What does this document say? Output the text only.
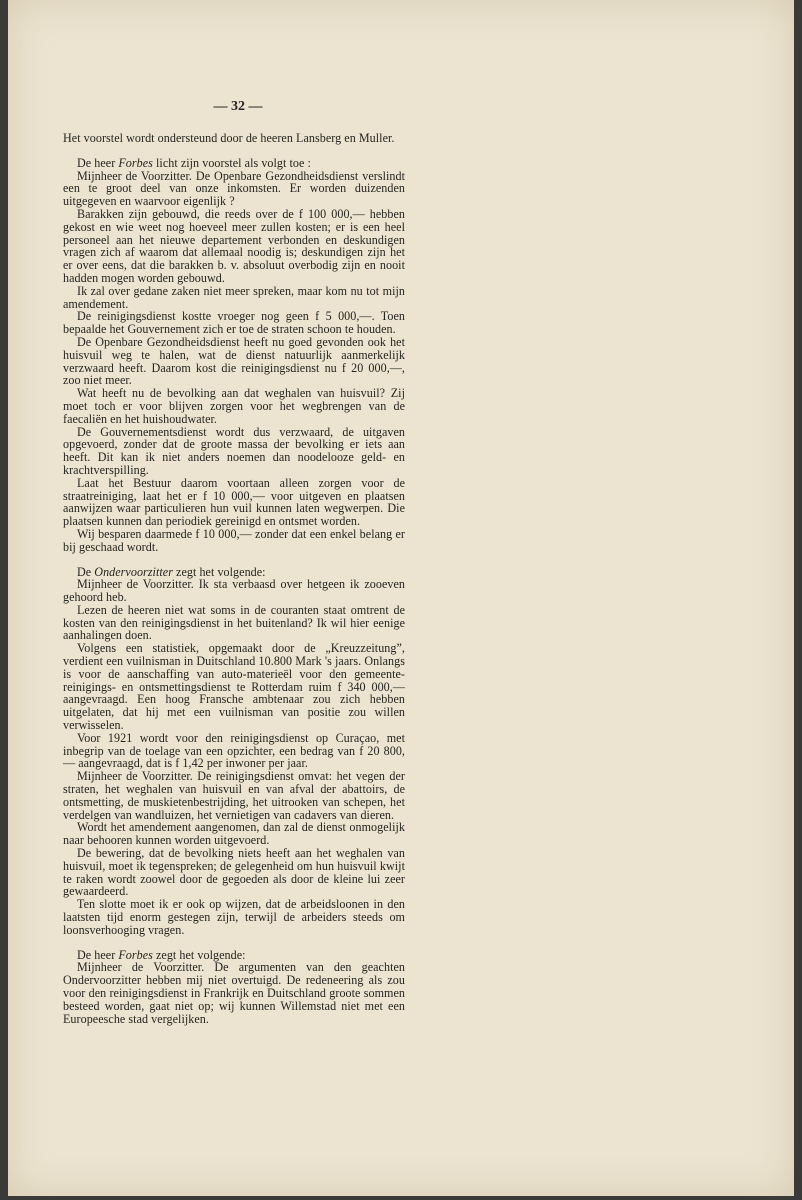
— 32 —

Het voorstel wordt ondersteund door de heeren Lansberg en Muller.

De heer Forbes licht zijn voorstel als volgt toe :

Mijnheer de Voorzitter. De Openbare Gezondheidsdienst verslindt een te groot deel van onze inkomsten. Er worden duizenden uitgegeven en waarvoor eigenlijk ?

Barakken zijn gebouwd, die reeds over de f 100 000,— hebben gekost en wie weet nog hoeveel meer zullen kosten; er is een heel personeel aan het nieuwe departement verbonden en deskundigen vragen zich af waarom dat allemaal noodig is; deskundigen zijn het er over eens, dat die barakken b. v. absoluut overbodig zijn en nooit hadden mogen worden gebouwd.

Ik zal over gedane zaken niet meer spreken, maar kom nu tot mijn amendement.

De reinigingsdienst kostte vroeger nog geen f 5 000,—. Toen bepaalde het Gouvernement zich er toe de straten schoon te houden.

De Openbare Gezondheidsdienst heeft nu goed gevonden ook het huisvuil weg te halen, wat de dienst natuurlijk aanmerkelijk verzwaard heeft. Daarom kost die reinigingsdienst nu f 20 000,—, zoo niet meer.

Wat heeft nu de bevolking aan dat weghalen van huisvuil? Zij moet toch er voor blijven zorgen voor het wegbrengen van de faecaliën en het huishoudwater.

De Gouvernementsdienst wordt dus verzwaard, de uitgaven opgevoerd, zonder dat de groote massa der bevolking er iets aan heeft. Dit kan ik niet anders noemen dan noodelooze geld- en krachtverspilling.

Laat het Bestuur daarom voortaan alleen zorgen voor de straatreiniging, laat het er f 10 000,— voor uitgeven en plaatsen aanwijzen waar particulieren hun vuil kunnen laten wegwerpen. Die plaatsen kunnen dan periodiek gereinigd en ontsmet worden.

Wij besparen daarmede f 10 000,— zonder dat een enkel belang er bij geschaad wordt.

De Ondervoorzitter zegt het volgende:

Mijnheer de Voorzitter. Ik sta verbaasd over hetgeen ik zooeven gehoord heb.

Lezen de heeren niet wat soms in de couranten staat omtrent de kosten van den reinigingsdienst in het buitenland? Ik wil hier eenige aanhalingen doen.

Volgens een statistiek, opgemaakt door de „Kreuzzeitung”, verdient een vuilnisman in Duitschland 10.800 Mark 's jaars. Onlangs is voor de aanschaffing van auto-materieël voor den gemeente-reinigings- en ontsmettingsdienst te Rotterdam ruim f 340 000,— aangevraagd. Een hoog Fransche ambtenaar zou zich hebben uitgelaten, dat hij met een vuilnisman van positie zou willen verwisselen.

Voor 1921 wordt voor den reinigingsdienst op Curaçao, met inbegrip van de toelage van een opzichter, een bedrag van f 20 800,— aangevraagd, dat is f 1,42 per inwoner per jaar.

Mijnheer de Voorzitter. De reinigingsdienst omvat: het vegen der straten, het weghalen van huisvuil en van afval der abattoirs, de ontsmetting, de muskietenbestrijding, het uitrooken van schepen, het verdelgen van wandluizen, het vernietigen van cadavers van dieren.

Wordt het amendement aangenomen, dan zal de dienst onmogelijk naar behooren kunnen worden uitgevoerd.

De bewering, dat de bevolking niets heeft aan het weghalen van huisvuil, moet ik tegenspreken; de gelegenheid om hun huisvuil kwijt te raken wordt zoowel door de gegoeden als door de kleine lui zeer gewaardeerd.

Ten slotte moet ik er ook op wijzen, dat de arbeidsloonen in den laatsten tijd enorm gestegen zijn, terwijl de arbeiders steeds om loonsverhooging vragen.

De heer Forbes zegt het volgende:

Mijnheer de Voorzitter. De argumenten van den geachten Ondervoorzitter hebben mij niet overtuigd. De redeneering als zou voor den reinigingsdienst in Frankrijk en Duitschland groote sommen besteed worden, gaat niet op; wij kunnen Willemstad niet met een Europeesche stad vergelijken.
